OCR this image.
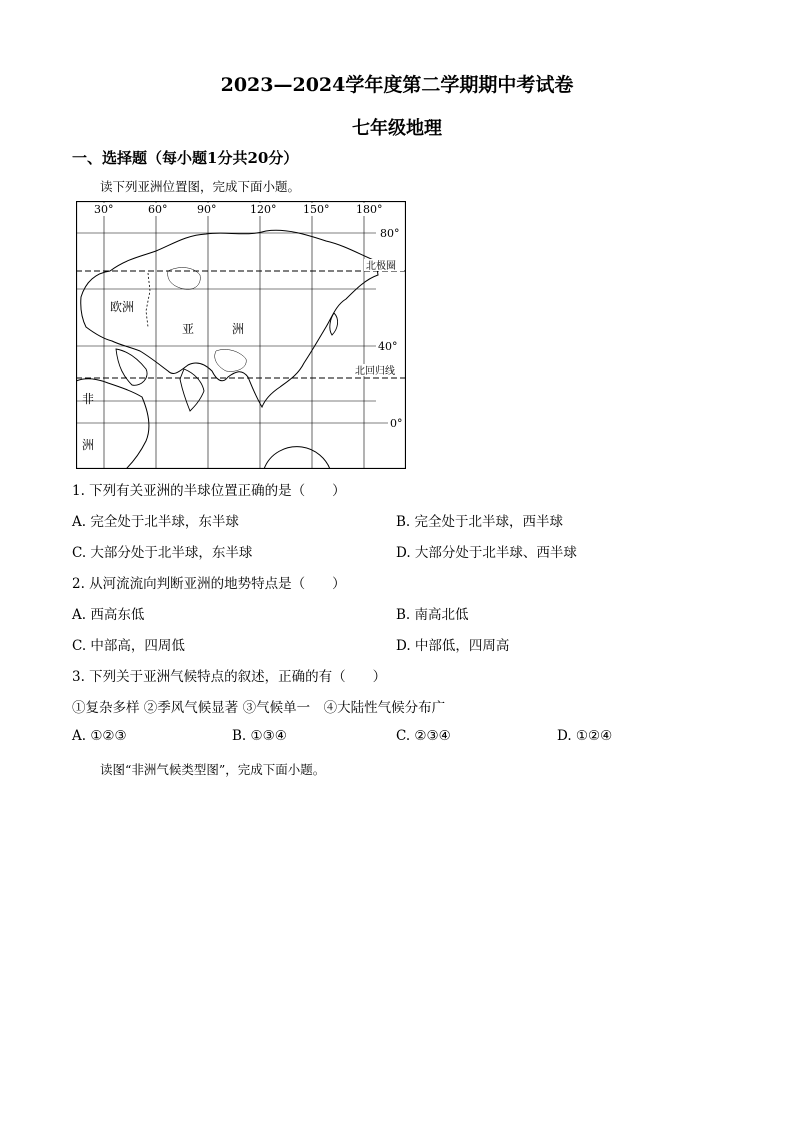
2023—2024学年度第二学期期中考试卷
七年级地理
一、选择题（每小题1分共20分）
读下列亚洲位置图，完成下面小题。
30°	60°	90°	120° 150° 180°
80°
40°
0°
北极圈
北回归线
欧洲
亚	洲
非
洲
1. 下列有关亚洲的半球位置正确的是（　　）
A. 完全处于北半球，东半球	B. 完全处于北半球，西半球
C. 大部分处于北半球，东半球	D. 大部分处于北半球、西半球
2. 从河流流向判断亚洲的地势特点是（　　）
A. 西高东低	B. 南高北低
C. 中部高，四周低	D. 中部低，四周高
3. 下列关于亚洲气候特点的叙述，正确的有（　　）
①复杂多样 ②季风气候显著 ③气候单一　④大陆性气候分布广
A. ①②③	B. ①③④	C. ②③④	D. ①②④
读图“非洲气候类型图”，完成下面小题。
